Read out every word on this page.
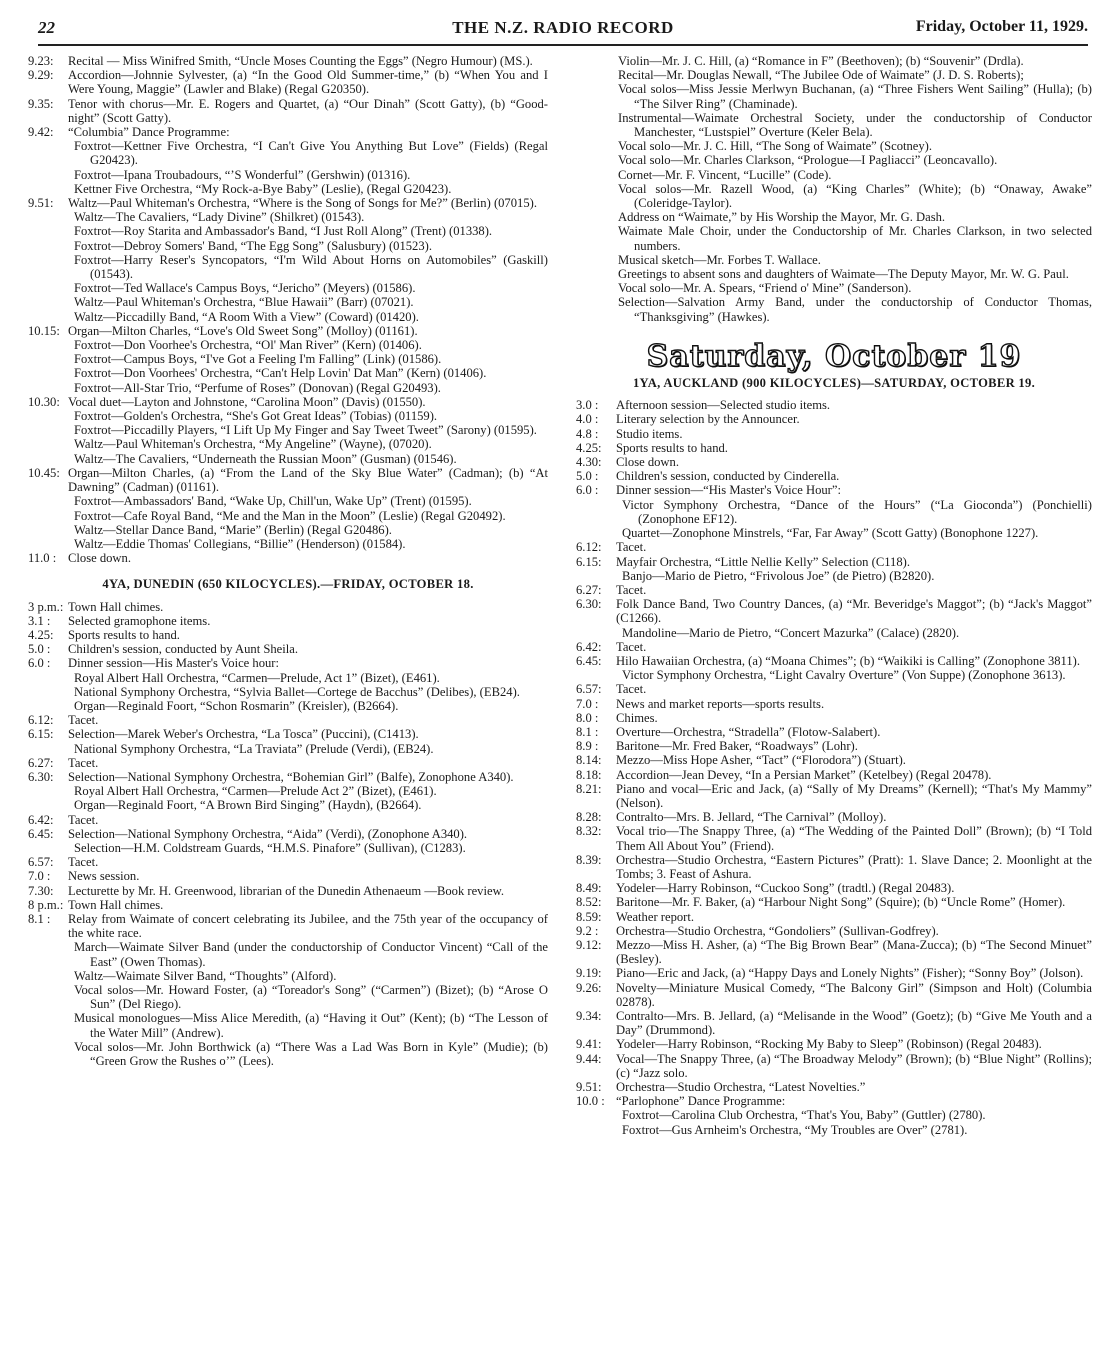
22	THE N.Z. RADIO RECORD	Friday, October 11, 1929.
9.23: Recital — Miss Winifred Smith, “Uncle Moses Counting the Eggs” (Negro Humour) (MS.).
9.29: Accordion—Johnnie Sylvester, (a) “In the Good Old Summer-time,” (b) “When You and I Were Young, Maggie” (Lawler and Blake) (Regal G20350).
9.35: Tenor with chorus—Mr. E. Rogers and Quartet, (a) “Our Dinah” (Scott Gatty), (b) “Good-night” (Scott Gatty).
9.42: “Columbia” Dance Programme:
Foxtrot—Kettner Five Orchestra, “I Can't Give You Anything But Love” (Fields) (Regal G20423).
Foxtrot—Ipana Troubadours, “’S Wonderful” (Gershwin) (01316).
Kettner Five Orchestra, “My Rock-a-Bye Baby” (Leslie), (Regal G20423).
9.51: Waltz—Paul Whiteman's Orchestra, “Where is the Song of Songs for Me?” (Berlin) (07015).
Waltz—The Cavaliers, “Lady Divine” (Shilkret) (01543).
Foxtrot—Roy Starita and Ambassador's Band, “I Just Roll Along” (Trent) (01338).
Foxtrot—Debroy Somers' Band, “The Egg Song” (Salusbury) (01523).
Foxtrot—Harry Reser's Syncopators, “I'm Wild About Horns on Automobiles” (Gaskill) (01543).
Foxtrot—Ted Wallace's Campus Boys, “Jericho” (Meyers) (01586).
Waltz—Paul Whiteman's Orchestra, “Blue Hawaii” (Barr) (07021).
Waltz—Piccadilly Band, “A Room With a View” (Coward) (01420).
10.15: Organ—Milton Charles, “Love's Old Sweet Song” (Molloy) (01161).
Foxtrot—Don Voorhee's Orchestra, “Ol' Man River” (Kern) (01406).
Foxtrot—Campus Boys, “I've Got a Feeling I'm Falling” (Link) (01586).
Foxtrot—Don Voorhees' Orchestra, “Can't Help Lovin' Dat Man” (Kern) (01406).
Foxtrot—All-Star Trio, “Perfume of Roses” (Donovan) (Regal G20493).
10.30: Vocal duet—Layton and Johnstone, “Carolina Moon” (Davis) (01550).
Foxtrot—Golden's Orchestra, “She's Got Great Ideas” (Tobias) (01159).
Foxtrot—Piccadilly Players, “I Lift Up My Finger and Say Tweet Tweet” (Sarony) (01595).
Waltz—Paul Whiteman's Orchestra, “My Angeline” (Wayne), (07020).
Waltz—The Cavaliers, “Underneath the Russian Moon” (Gusman) (01546).
10.45: Organ—Milton Charles, (a) “From the Land of the Sky Blue Water” (Cadman); (b) “At Dawning” (Cadman) (01161).
Foxtrot—Ambassadors' Band, “Wake Up, Chill'un, Wake Up” (Trent) (01595).
Foxtrot—Cafe Royal Band, “Me and the Man in the Moon” (Leslie) (Regal G20492).
Waltz—Stellar Dance Band, “Marie” (Berlin) (Regal G20486).
Waltz—Eddie Thomas' Collegians, “Billie” (Henderson) (01584).
11.0 : Close down.
4YA, DUNEDIN (650 KILOCYCLES).—FRIDAY, OCTOBER 18.
3 p.m.: Town Hall chimes.
3.1 : Selected gramophone items.
4.25: Sports results to hand.
5.0 : Children's session, conducted by Aunt Sheila.
6.0 : Dinner session—His Master's Voice hour:
Royal Albert Hall Orchestra, “Carmen—Prelude, Act 1” (Bizet), (E461).
National Symphony Orchestra, “Sylvia Ballet—Cortege de Bacchus” (Delibes), (EB24).
Organ—Reginald Foort, “Schon Rosmarin” (Kreisler), (B2664).
6.12: Tacet.
6.15: Selection—Marek Weber's Orchestra, “La Tosca” (Puccini), (C1413).
National Symphony Orchestra, “La Traviata” (Prelude (Verdi), (EB24).
6.27: Tacet.
6.30: Selection—National Symphony Orchestra, “Bohemian Girl” (Balfe), Zonophone A340).
Royal Albert Hall Orchestra, “Carmen—Prelude Act 2” (Bizet), (E461).
Organ—Reginald Foort, “A Brown Bird Singing” (Haydn), (B2664).
6.42: Tacet.
6.45: Selection—National Symphony Orchestra, “Aida” (Verdi), (Zonophone A340).
Selection—H.M. Coldstream Guards, “H.M.S. Pinafore” (Sullivan), (C1283).
6.57: Tacet.
7.0 : News session.
7.30: Lecturette by Mr. H. Greenwood, librarian of the Dunedin Athenaeum —Book review.
8 p.m.: Town Hall chimes.
8.1 : Relay from Waimate of concert celebrating its Jubilee, and the 75th year of the occupancy of the white race.
March—Waimate Silver Band (under the conductorship of Conductor Vincent) “Call of the East” (Owen Thomas).
Waltz—Waimate Silver Band, “Thoughts” (Alford).
Vocal solos—Mr. Howard Foster, (a) “Toreador's Song” (“Carmen”) (Bizet); (b) “Arose O Sun” (Del Riego).
Musical monologues—Miss Alice Meredith, (a) “Having it Out” (Kent); (b) “The Lesson of the Water Mill” (Andrew).
Vocal solos—Mr. John Borthwick (a) “There Was a Lad Was Born in Kyle” (Mudie); (b) “Green Grow the Rushes o’” (Lees).
Violin—Mr. J. C. Hill, (a) “Romance in F” (Beethoven); (b) “Souvenir” (Drdla).
Recital—Mr. Douglas Newall, “The Jubilee Ode of Waimate” (J. D. S. Roberts);
Vocal solos—Miss Jessie Merlwyn Buchanan, (a) “Three Fishers Went Sailing” (Hulla); (b) “The Silver Ring” (Chaminade).
Instrumental—Waimate Orchestral Society, under the conductorship of Conductor Manchester, “Lustspiel” Overture (Keler Bela).
Vocal solo—Mr. J. C. Hill, “The Song of Waimate” (Scotney).
Vocal solo—Mr. Charles Clarkson, “Prologue—I Pagliacci” (Leoncavallo).
Cornet—Mr. F. Vincent, “Lucille” (Code).
Vocal solos—Mr. Razell Wood, (a) “King Charles” (White); (b) “Onaway, Awake” (Coleridge-Taylor).
Address on “Waimate,” by His Worship the Mayor, Mr. G. Dash.
Waimate Male Choir, under the Conductorship of Mr. Charles Clarkson, in two selected numbers.
Musical sketch—Mr. Forbes T. Wallace.
Greetings to absent sons and daughters of Waimate—The Deputy Mayor, Mr. W. G. Paul.
Vocal solo—Mr. A. Spears, “Friend o' Mine” (Sanderson).
Selection—Salvation Army Band, under the conductorship of Conductor Thomas, “Thanksgiving” (Hawkes).
Saturday, October 19
1YA, AUCKLAND (900 KILOCYCLES)—SATURDAY, OCTOBER 19.
3.0 : Afternoon session—Selected studio items.
4.0 : Literary selection by the Announcer.
4.8 : Studio items.
4.25: Sports results to hand.
4.30: Close down.
5.0 : Children's session, conducted by Cinderella.
6.0 : Dinner session—“His Master's Voice Hour”:
Victor Symphony Orchestra, “Dance of the Hours” (“La Gioconda”) (Ponchielli) (Zonophone EF12).
Quartet—Zonophone Minstrels, “Far, Far Away” (Scott Gatty) (Bonophone 1227).
6.12: Tacet.
6.15: Mayfair Orchestra, “Little Nellie Kelly” Selection (C118).
Banjo—Mario de Pietro, “Frivolous Joe” (de Pietro) (B2820).
6.27: Tacet.
6.30: Folk Dance Band, Two Country Dances, (a) “Mr. Beveridge's Maggot”; (b) “Jack's Maggot” (C1266).
Mandoline—Mario de Pietro, “Concert Mazurka” (Calace) (2820).
6.42: Tacet.
6.45: Hilo Hawaiian Orchestra, (a) “Moana Chimes”; (b) “Waikiki is Calling” (Zonophone 3811).
Victor Symphony Orchestra, “Light Cavalry Overture” (Von Suppe) (Zonophone 3613).
6.57: Tacet.
7.0 : News and market reports—sports results.
8.0 : Chimes.
8.1 : Overture—Orchestra, “Stradella” (Flotow-Salabert).
8.9 : Baritone—Mr. Fred Baker, “Roadways” (Lohr).
8.14: Mezzo—Miss Hope Asher, “Tact” (“Florodora”) (Stuart).
8.18: Accordion—Jean Devey, “In a Persian Market” (Ketelbey) (Regal 20478).
8.21: Piano and vocal—Eric and Jack, (a) “Sally of My Dreams” (Kernell); “That's My Mammy” (Nelson).
8.28: Contralto—Mrs. B. Jellard, “The Carnival” (Molloy).
8.32: Vocal trio—The Snappy Three, (a) “The Wedding of the Painted Doll” (Brown); (b) “I Told Them All About You” (Friend).
8.39: Orchestra—Studio Orchestra, “Eastern Pictures” (Pratt): 1. Slave Dance; 2. Moonlight at the Tombs; 3. Feast of Ashura.
8.49: Yodeler—Harry Robinson, “Cuckoo Song” (tradtl.) (Regal 20483).
8.52: Baritone—Mr. F. Baker, (a) “Harbour Night Song” (Squire); (b) “Uncle Rome” (Homer).
8.59: Weather report.
9.2 : Orchestra—Studio Orchestra, “Gondoliers” (Sullivan-Godfrey).
9.12: Mezzo—Miss H. Asher, (a) “The Big Brown Bear” (Mana-Zucca); (b) “The Second Minuet” (Besley).
9.19: Piano—Eric and Jack, (a) “Happy Days and Lonely Nights” (Fisher); “Sonny Boy” (Jolson).
9.26: Novelty—Miniature Musical Comedy, “The Balcony Girl” (Simpson and Holt) (Columbia 02878).
9.34: Contralto—Mrs. B. Jellard, (a) “Melisande in the Wood” (Goetz); (b) “Give Me Youth and a Day” (Drummond).
9.41: Yodeler—Harry Robinson, “Rocking My Baby to Sleep” (Robinson) (Regal 20483).
9.44: Vocal—The Snappy Three, (a) “The Broadway Melody” (Brown); (b) “Blue Night” (Rollins); (c) “Jazz solo.
9.51: Orchestra—Studio Orchestra, “Latest Novelties.”
10.0 : “Parlophone” Dance Programme:
Foxtrot—Carolina Club Orchestra, “That's You, Baby” (Guttler) (2780).
Foxtrot—Gus Arnheim's Orchestra, “My Troubles are Over” (2781).
